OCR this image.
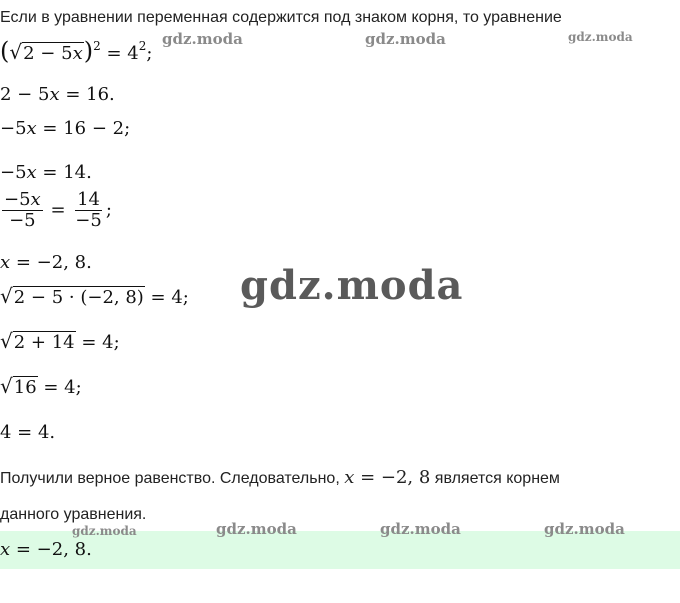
Если в уравнении переменная содержится под знаком корня, то уравнение
$(√2 - 5x)^2 = 4^2$;
2 − 5x = 16.
−5x = 16 − 2;
−5x = 14.
$\frac{-5x}{-5} = \frac{14}{-5}$ ;
x = −2, 8.
√2 − 5 · (−2, 8) = 4;
√2 + 14 = 4;
√16 = 4;
4 = 4.
Получили верное равенство. Следовательно, x = −2, 8 является корнем
данного уравнения.
x = −2, 8.
gdz.moda	gdz.moda	gdz.moda
gdz.moda
gdz.moda	gdz.moda	gdz.moda	gdz.moda
